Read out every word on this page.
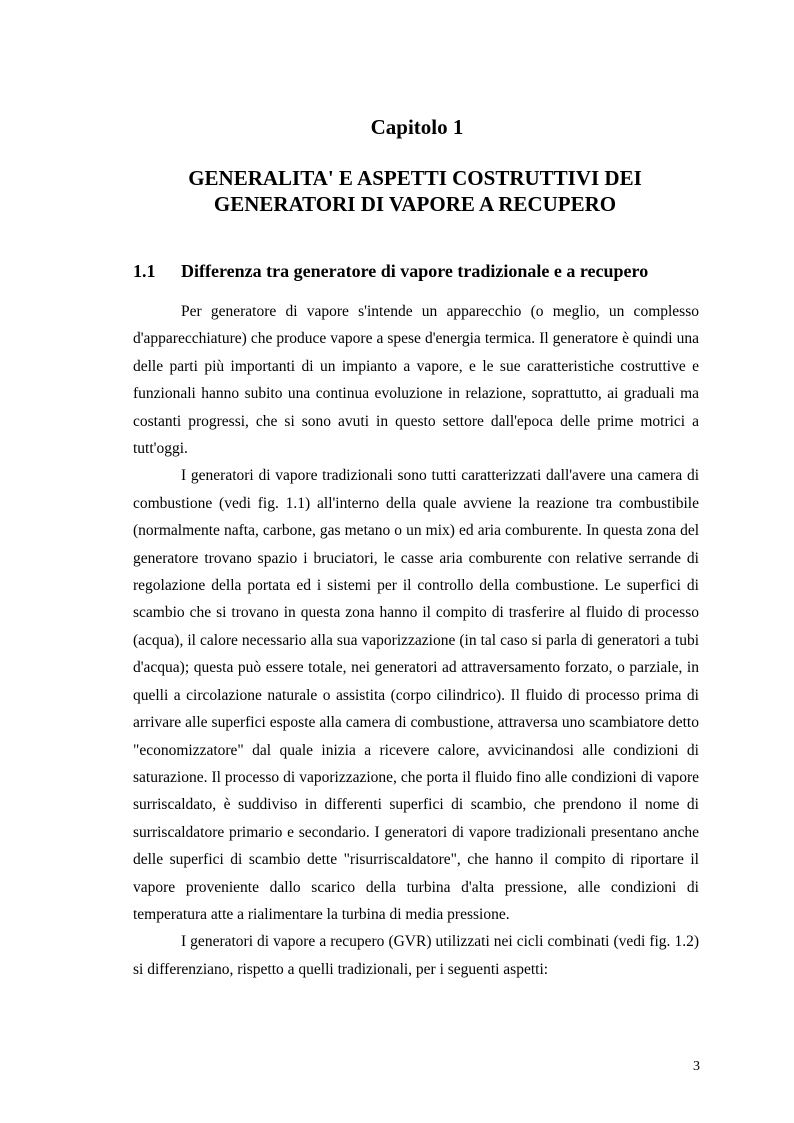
Capitolo 1
GENERALITA' E ASPETTI COSTRUTTIVI DEI GENERATORI DI VAPORE A RECUPERO
1.1 Differenza tra generatore di vapore tradizionale e a recupero

Per generatore di vapore s'intende un apparecchio (o meglio, un complesso d'apparecchiature) che produce vapore a spese d'energia termica. Il generatore è quindi una delle parti più importanti di un impianto a vapore, e le sue caratteristiche costruttive e funzionali hanno subito una continua evoluzione in relazione, soprattutto, ai graduali ma costanti progressi, che si sono avuti in questo settore dall'epoca delle prime motrici a tutt'oggi.

I generatori di vapore tradizionali sono tutti caratterizzati dall'avere una camera di combustione (vedi fig. 1.1) all'interno della quale avviene la reazione tra combustibile (normalmente nafta, carbone, gas metano o un mix) ed aria comburente. In questa zona del generatore trovano spazio i bruciatori, le casse aria comburente con relative serrande di regolazione della portata ed i sistemi per il controllo della combustione. Le superfici di scambio che si trovano in questa zona hanno il compito di trasferire al fluido di processo (acqua), il calore necessario alla sua vaporizzazione (in tal caso si parla di generatori a tubi d'acqua); questa può essere totale, nei generatori ad attraversamento forzato, o parziale, in quelli a circolazione naturale o assistita (corpo cilindrico). Il fluido di processo prima di arrivare alle superfici esposte alla camera di combustione, attraversa uno scambiatore detto "economizzatore" dal quale inizia a ricevere calore, avvicinandosi alle condizioni di saturazione. Il processo di vaporizzazione, che porta il fluido fino alle condizioni di vapore surriscaldato, è suddiviso in differenti superfici di scambio, che prendono il nome di surriscaldatore primario e secondario. I generatori di vapore tradizionali presentano anche delle superfici di scambio dette "risurriscaldatore", che hanno il compito di riportare il vapore proveniente dallo scarico della turbina d'alta pressione, alle condizioni di temperatura atte a rialimentare la turbina di media pressione.

I generatori di vapore a recupero (GVR) utilizzati nei cicli combinati (vedi fig. 1.2) si differenziano, rispetto a quelli tradizionali, per i seguenti aspetti:

3
